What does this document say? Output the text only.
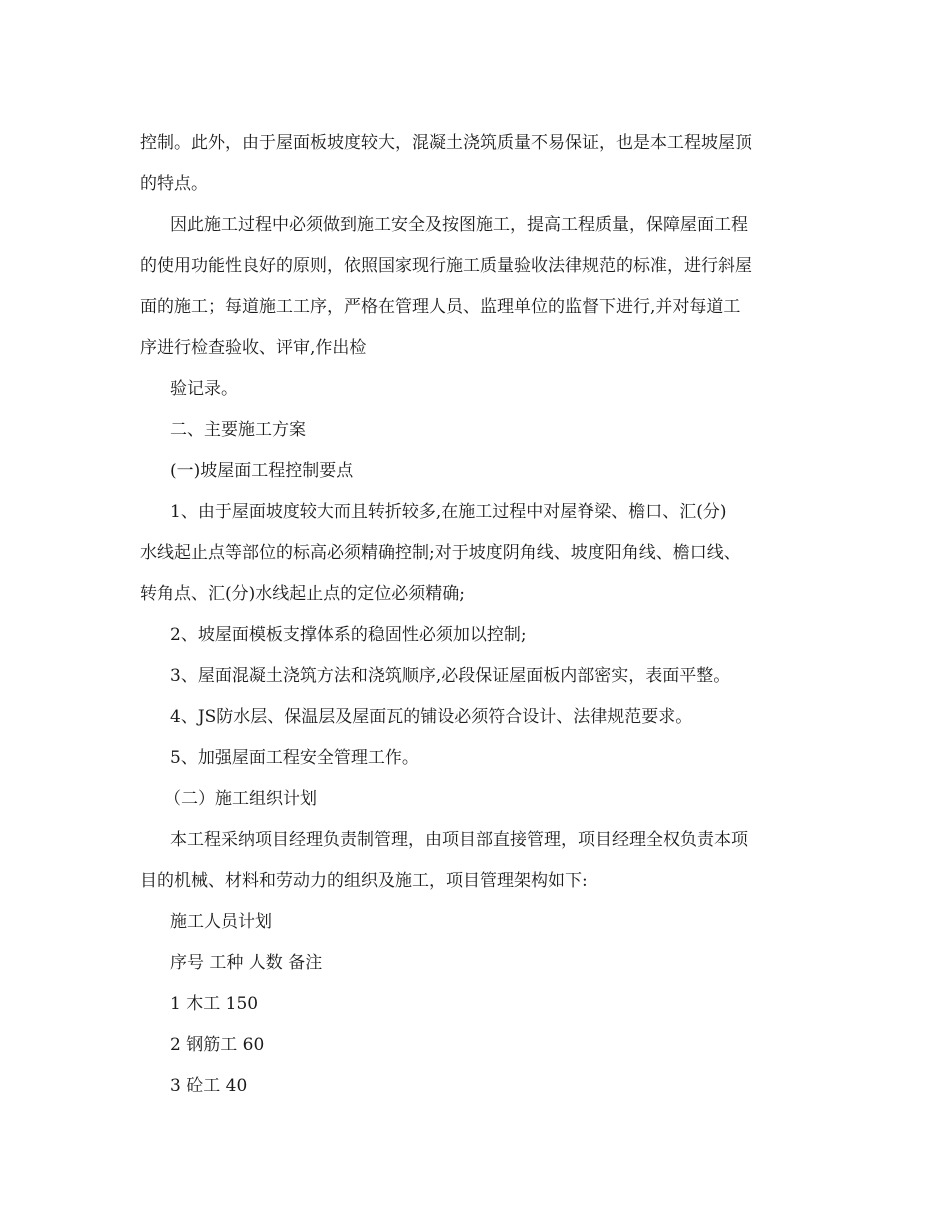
控制。此外，由于屋面板坡度较大，混凝土浇筑质量不易保证，也是本工程坡屋顶
的特点。
因此施工过程中必须做到施工安全及按图施工，提高工程质量，保障屋面工程
的使用功能性良好的原则，依照国家现行施工质量验收法律规范的标准，进行斜屋
面的施工；每道施工工序，严格在管理人员、监理单位的监督下进行,并对每道工
序进行检查验收、评审,作出检
验记录。
二、主要施工方案
(一)坡屋面工程控制要点
1、由于屋面坡度较大而且转折较多,在施工过程中对屋脊梁、檐口、汇(分)
水线起止点等部位的标高必须精确控制;对于坡度阴角线、坡度阳角线、檐口线、
转角点、汇(分)水线起止点的定位必须精确;
2、坡屋面模板支撑体系的稳固性必须加以控制;
3、屋面混凝土浇筑方法和浇筑顺序,必段保证屋面板内部密实，表面平整。
4、JS防水层、保温层及屋面瓦的铺设必须符合设计、法律规范要求。
5、加强屋面工程安全管理工作。
（二）施工组织计划
本工程采纳项目经理负责制管理，由项目部直接管理，项目经理全权负责本项
目的机械、材料和劳动力的组织及施工，项目管理架构如下:
施工人员计划
序号 工种 人数 备注
1 木工 150
2 钢筋工 60
3 砼工 40
